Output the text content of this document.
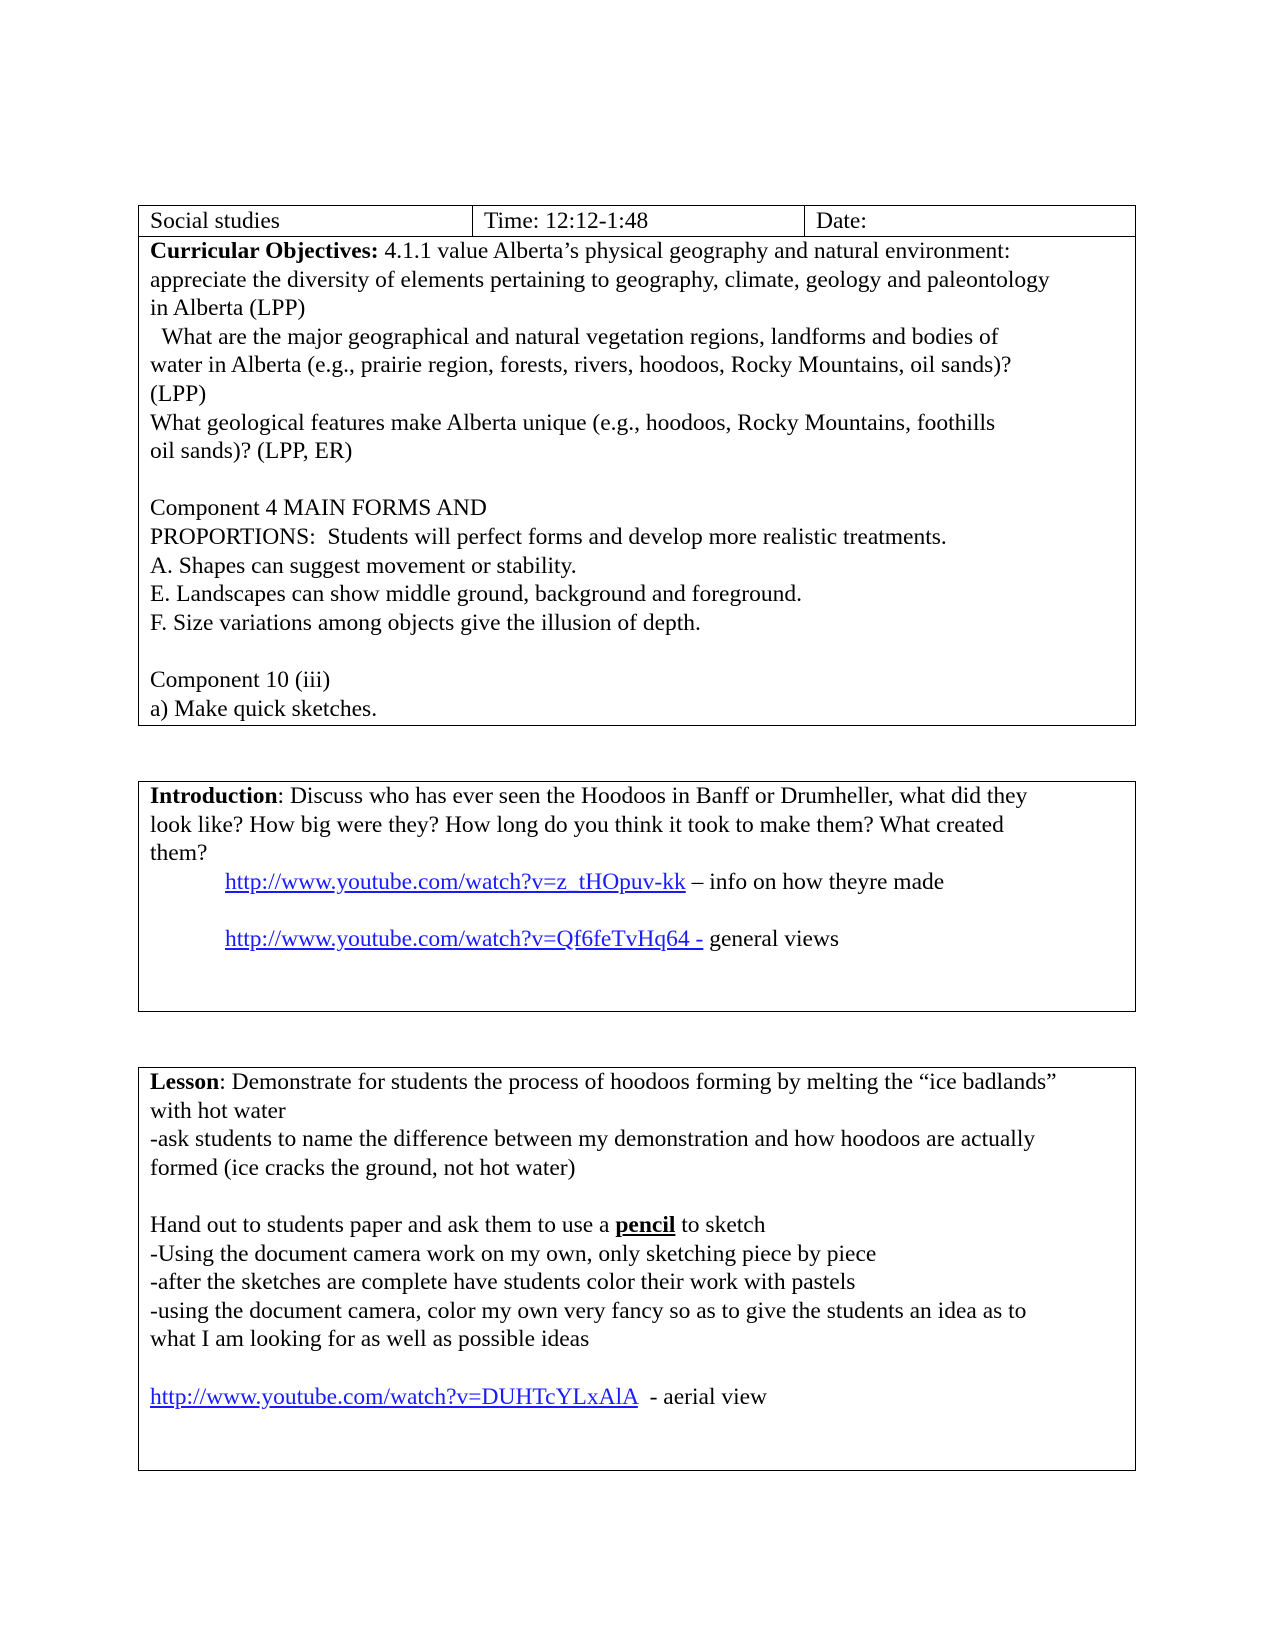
Social studies	Time: 12:12-1:48	Date:
Curricular Objectives: 4.1.1 value Alberta’s physical geography and natural environment:
appreciate the diversity of elements pertaining to geography, climate, geology and paleontology
in Alberta (LPP)
What are the major geographical and natural vegetation regions, landforms and bodies of
water in Alberta (e.g., prairie region, forests, rivers, hoodoos, Rocky Mountains, oil sands)?
(LPP)
What geological features make Alberta unique (e.g., hoodoos, Rocky Mountains, foothills
oil sands)? (LPP, ER)
Component 4 MAIN FORMS AND
PROPORTIONS:  Students will perfect forms and develop more realistic treatments.
A. Shapes can suggest movement or stability.
E. Landscapes can show middle ground, background and foreground.
F. Size variations among objects give the illusion of depth.
Component 10 (iii)
a) Make quick sketches.
Introduction: Discuss who has ever seen the Hoodoos in Banff or Drumheller, what did they
look like? How big were they? How long do you think it took to make them? What created
them?
http://www.youtube.com/watch?v=z_tHOpuv-kk – info on how theyre made
http://www.youtube.com/watch?v=Qf6feTvHq64 - general views
Lesson: Demonstrate for students the process of hoodoos forming by melting the “ice badlands”
with hot water
-ask students to name the difference between my demonstration and how hoodoos are actually
formed (ice cracks the ground, not hot water)
Hand out to students paper and ask them to use a pencil to sketch
-Using the document camera work on my own, only sketching piece by piece
-after the sketches are complete have students color their work with pastels
-using the document camera, color my own very fancy so as to give the students an idea as to
what I am looking for as well as possible ideas
http://www.youtube.com/watch?v=DUHTcYLxAlA  - aerial view
